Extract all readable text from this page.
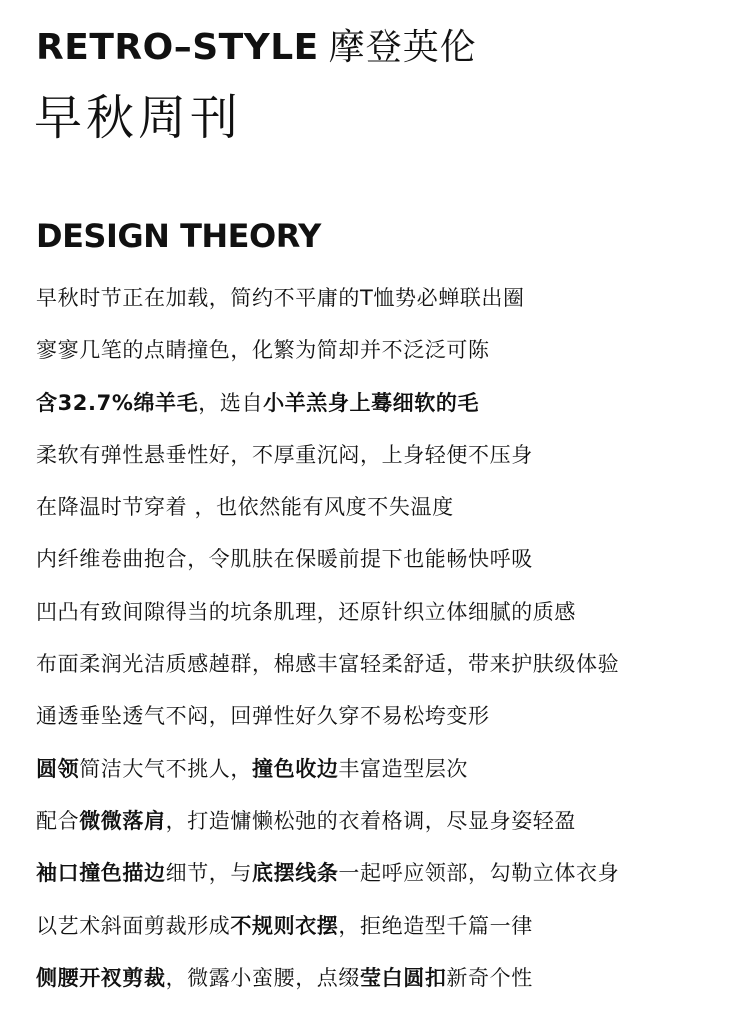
RETRO–STYLE 摩登英伦
早秋周刊
DESIGN THEORY
早秋时节正在加载，简约不平庸的T恤势必蝉联出圈
寥寥几笔的点睛撞色，化繁为简却并不泛泛可陈
含32.7%绵羊毛，选自小羊羔身上蓦细软的毛
柔软有弹性悬垂性好，不厚重沉闷，上身轻便不压身
在降温时节穿着 ，也依然能有风度不失温度
内纤维卷曲抱合，令肌肤在保暖前提下也能畅快呼吸
凹凸有致间隙得当的坑条肌理，还原针织立体细腻的质感
布面柔润光洁质感趠群，棉感丰富轻柔舒适，带来护肤级体验
通透垂坠透气不闷，回弹性好久穿不易松垮变形
圆领简洁大气不挑人，撞色收边丰富造型层次
配合微微落肩，打造慵懒松弛的衣着格调，尽显身姿轻盈
袖口撞色描边细节，与底摆线条一起呼应领部，勾勒立体衣身
以艺术斜面剪裁形成不规则衣摆，拒绝造型千篇一律
侧腰开衩剪裁，微露小蛮腰，点缀莹白圆扣新奇个性
